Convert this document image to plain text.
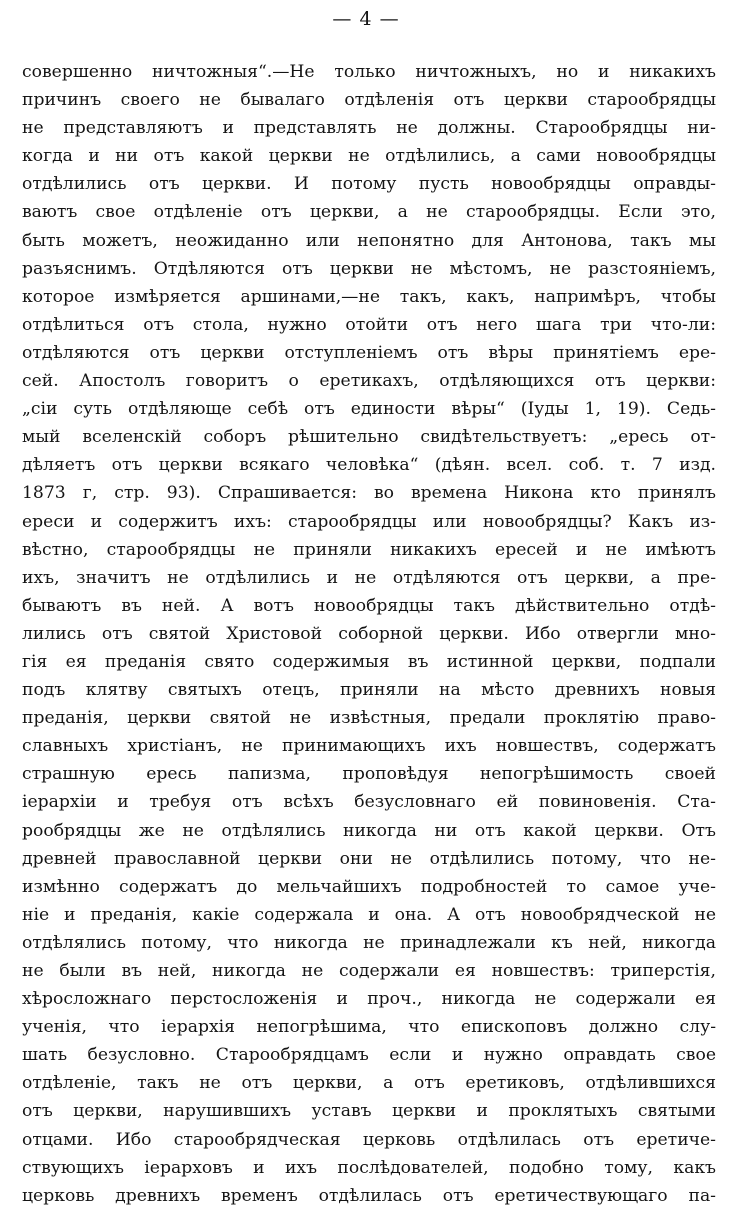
— 4 —
совершенно ничтожныя“.—Не только ничтожныхъ, но и никакихъ
причинъ своего не бывалаго отдѣленія отъ церкви старообрядцы
не представляютъ и представлять не должны. Старообрядцы ни-
когда и ни отъ какой церкви не отдѣлились, а сами новообрядцы
отдѣлились отъ церкви. И потому пусть новообрядцы оправды-
ваютъ свое отдѣленіе отъ церкви, а не старообрядцы. Если это,
быть можетъ, неожиданно или непонятно для Антонова, такъ мы
разъяснимъ. Отдѣляются отъ церкви не мѣстомъ, не разстояніемъ,
которое измѣряется аршинами,—не такъ, какъ, напримѣръ, чтобы
отдѣлиться отъ стола, нужно отойти отъ него шага три что-ли:
отдѣляются отъ церкви отступленіемъ отъ вѣры принятіемъ ере-
сей. Апостолъ говоритъ о еретикахъ, отдѣляющихся отъ церкви:
„сіи суть отдѣляюще себѣ отъ единости вѣры“ (Іуды 1, 19). Седь-
мый вселенскій соборъ рѣшительно свидѣтельствуетъ: „ересь от-
дѣляетъ отъ церкви всякаго человѣка“ (дѣян. всел. соб. т. 7 изд.
1873 г, стр. 93). Спрашивается: во времена Никона кто принялъ
ереси и содержитъ ихъ: старообрядцы или новообрядцы? Какъ из-
вѣстно, старообрядцы не приняли никакихъ ересей и не имѣютъ
ихъ, значитъ не отдѣлились и не отдѣляются отъ церкви, а пре-
бываютъ въ ней. А вотъ новообрядцы такъ дѣйствительно отдѣ-
лились отъ святой Христовой соборной церкви. Ибо отвергли мно-
гія ея преданія свято содержимыя въ истинной церкви, подпали
подъ клятву святыхъ отецъ, приняли на мѣсто древнихъ новыя
преданія, церкви святой не извѣстныя, предали проклятію право-
славныхъ христіанъ, не принимающихъ ихъ новшествъ, содержатъ
страшную ересь папизма, проповѣдуя непогрѣшимость своей
іерархіи и требуя отъ всѣхъ безусловнаго ей повиновенія. Ста-
рообрядцы же не отдѣлялись никогда ни отъ какой церкви. Отъ
древней православной церкви они не отдѣлились потому, что не-
измѣнно содержатъ до мельчайшихъ подробностей то самое уче-
ніе и преданія, какіе содержала и она. А отъ новообрядческой не
отдѣлялись потому, что никогда не принадлежали къ ней, никогда
не были въ ней, никогда не содержали ея новшествъ: триперстія,
хѣросложнаго перстосложенія и проч., никогда не содержали ея
ученія, что іерархія непогрѣшима, что епископовъ должно слу-
шать безусловно. Старообрядцамъ если и нужно оправдать свое
отдѣленіе, такъ не отъ церкви, а отъ еретиковъ, отдѣлившихся
отъ церкви, нарушившихъ уставъ церкви и проклятыхъ святыми
отцами. Ибо старообрядческая церковь отдѣлилась отъ еретиче-
ствующихъ іерарховъ и ихъ послѣдователей, подобно тому, какъ
церковь древнихъ временъ отдѣлилась отъ еретичествующаго па-
